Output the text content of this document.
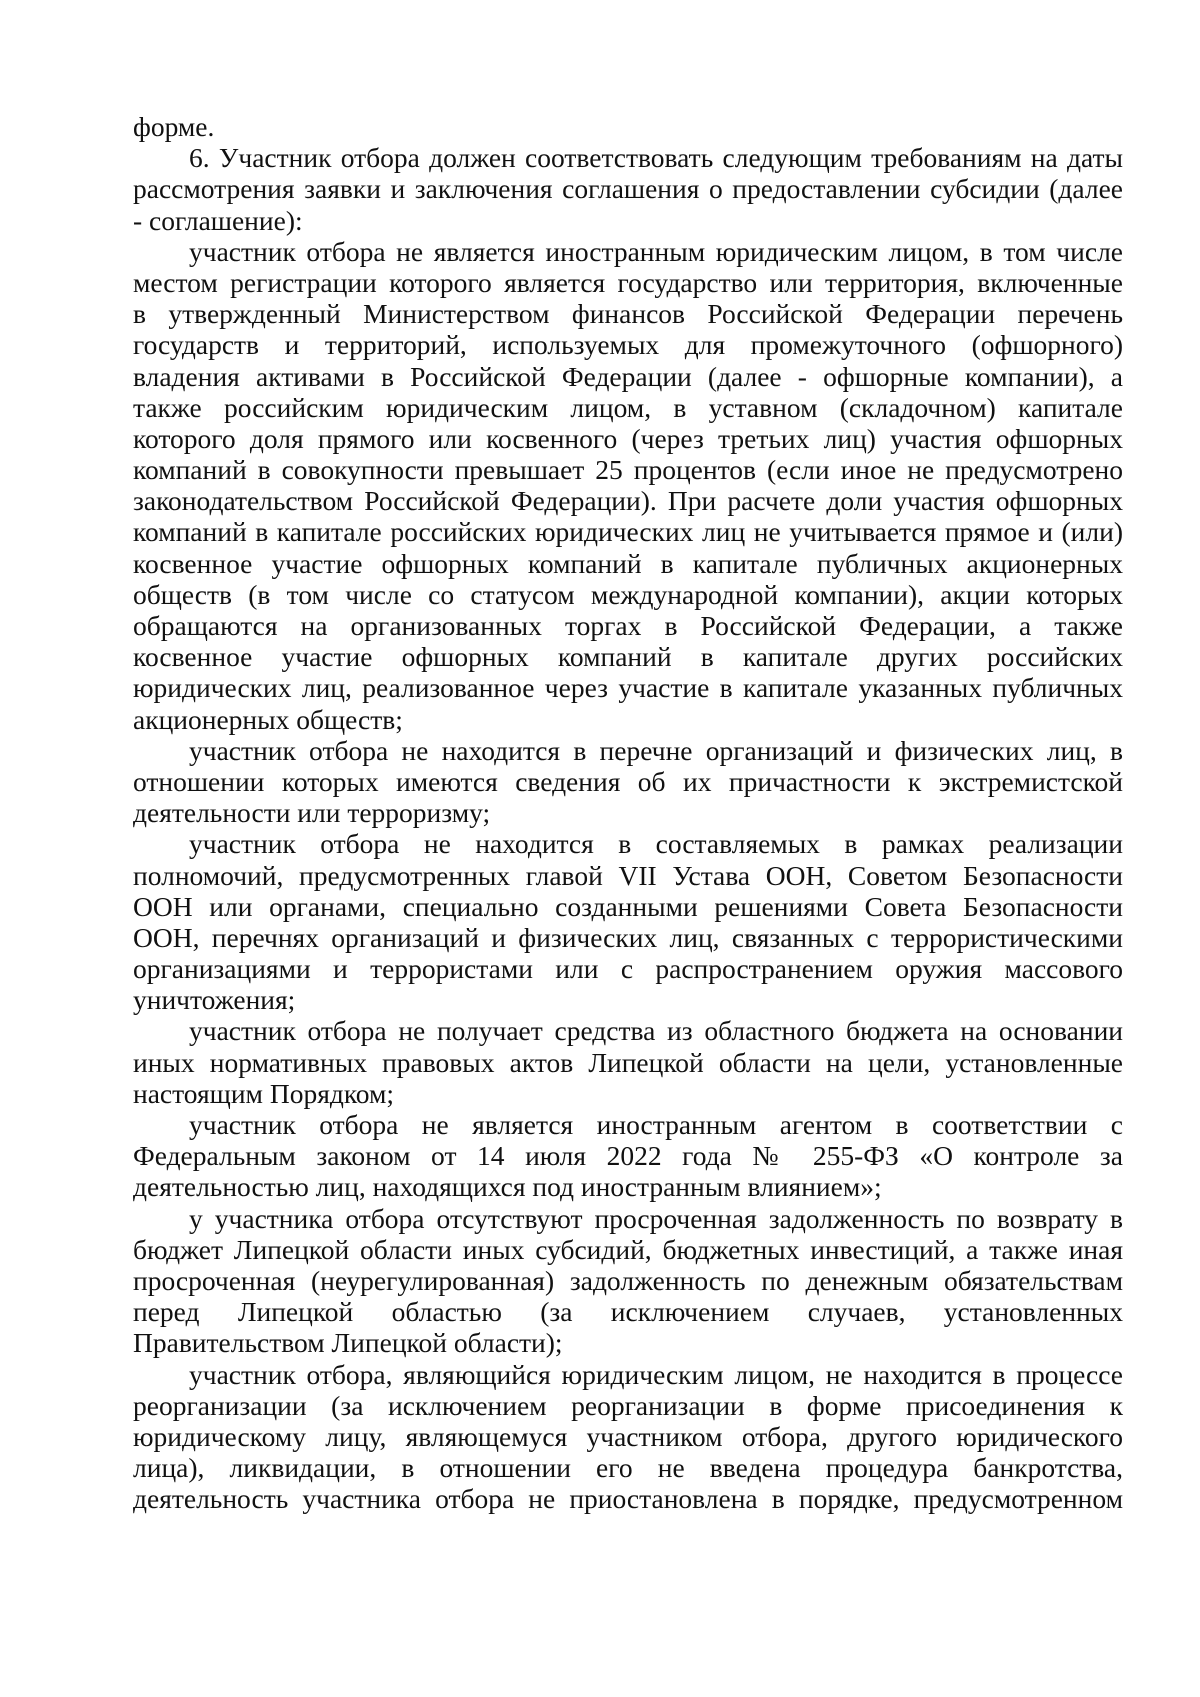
форме.
6. Участник отбора должен соответствовать следующим требованиям на даты
рассмотрения заявки и заключения соглашения о предоставлении субсидии (далее
- соглашение):
участник отбора не является иностранным юридическим лицом, в том числе
местом регистрации которого является государство или территория, включенные
в утвержденный Министерством финансов Российской Федерации перечень
государств и территорий, используемых для промежуточного (офшорного)
владения активами в Российской Федерации (далее - офшорные компании), а
также российским юридическим лицом, в уставном (складочном) капитале
которого доля прямого или косвенного (через третьих лиц) участия офшорных
компаний в совокупности превышает 25 процентов (если иное не предусмотрено
законодательством Российской Федерации). При расчете доли участия офшорных
компаний в капитале российских юридических лиц не учитывается прямое и (или)
косвенное участие офшорных компаний в капитале публичных акционерных
обществ (в том числе со статусом международной компании), акции которых
обращаются на организованных торгах в Российской Федерации, а также
косвенное участие офшорных компаний в капитале других российских
юридических лиц, реализованное через участие в капитале указанных публичных
акционерных обществ;
участник отбора не находится в перечне организаций и физических лиц, в
отношении которых имеются сведения об их причастности к экстремистской
деятельности или терроризму;
участник отбора не находится в составляемых в рамках реализации
полномочий, предусмотренных главой VII Устава ООН, Советом Безопасности
ООН или органами, специально созданными решениями Совета Безопасности
ООН, перечнях организаций и физических лиц, связанных с террористическими
организациями и террористами или с распространением оружия массового
уничтожения;
участник отбора не получает средства из областного бюджета на основании
иных нормативных правовых актов Липецкой области на цели, установленные
настоящим Порядком;
участник отбора не является иностранным агентом в соответствии с
Федеральным законом от 14 июля 2022 года № 255-ФЗ «О контроле за
деятельностью лиц, находящихся под иностранным влиянием»;
у участника отбора отсутствуют просроченная задолженность по возврату в
бюджет Липецкой области иных субсидий, бюджетных инвестиций, а также иная
просроченная (неурегулированная) задолженность по денежным обязательствам
перед Липецкой областью (за исключением случаев, установленных
Правительством Липецкой области);
участник отбора, являющийся юридическим лицом, не находится в процессе
реорганизации (за исключением реорганизации в форме присоединения к
юридическому лицу, являющемуся участником отбора, другого юридического
лица), ликвидации, в отношении его не введена процедура банкротства,
деятельность участника отбора не приостановлена в порядке, предусмотренном
